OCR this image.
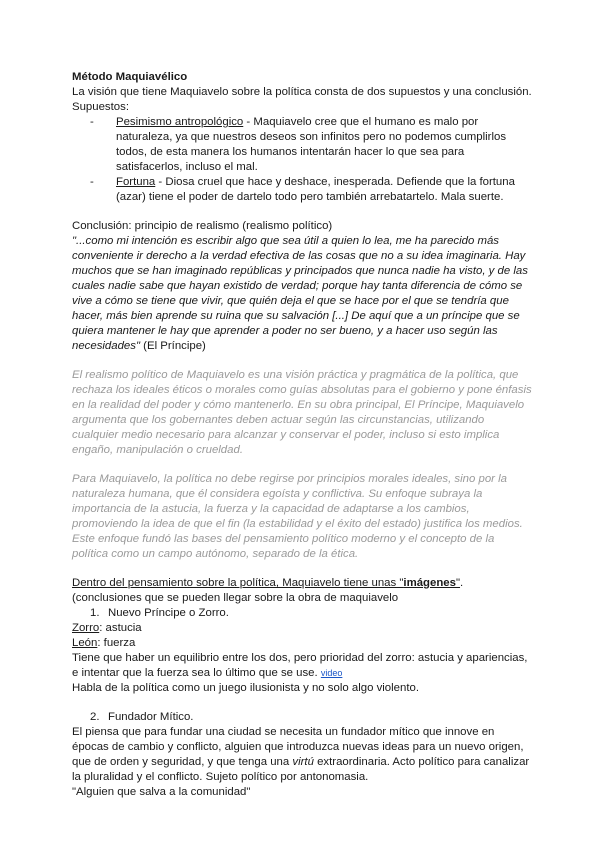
Método Maquiavélico
La visión que tiene Maquiavelo sobre la política consta de dos supuestos y una conclusión.
Supuestos:
- Pesimismo antropológico - Maquiavelo cree que el humano es malo por naturaleza, ya que nuestros deseos son infinitos pero no podemos cumplirlos todos, de esta manera los humanos intentarán hacer lo que sea para satisfacerlos, incluso el mal.
- Fortuna - Diosa cruel que hace y deshace, inesperada. Defiende que la fortuna (azar) tiene el poder de dartelo todo pero también arrebatartelo. Mala suerte.
Conclusión: principio de realismo (realismo político)
"...como mi intención es escribir algo que sea útil a quien lo lea, me ha parecido más conveniente ir derecho a la verdad efectiva de las cosas que no a su idea imaginaria. Hay muchos que se han imaginado repúblicas y principados que nunca nadie ha visto, y de las cuales nadie sabe que hayan existido de verdad; porque hay tanta diferencia de cómo se vive a cómo se tiene que vivir, que quién deja el que se hace por el que se tendría que hacer, más bien aprende su ruina que su salvación [...] De aquí que a un príncipe que se quiera mantener le hay que aprender a poder no ser bueno, y a hacer uso según las necesidades" (El Príncipe)
El realismo político de Maquiavelo es una visión práctica y pragmática de la política, que rechaza los ideales éticos o morales como guías absolutas para el gobierno y pone énfasis en la realidad del poder y cómo mantenerlo. En su obra principal, El Príncipe, Maquiavelo argumenta que los gobernantes deben actuar según las circunstancias, utilizando cualquier medio necesario para alcanzar y conservar el poder, incluso si esto implica engaño, manipulación o crueldad.
Para Maquiavelo, la política no debe regirse por principios morales ideales, sino por la naturaleza humana, que él considera egoísta y conflictiva. Su enfoque subraya la importancia de la astucia, la fuerza y la capacidad de adaptarse a los cambios, promoviendo la idea de que el fin (la estabilidad y el éxito del estado) justifica los medios. Este enfoque fundó las bases del pensamiento político moderno y el concepto de la política como un campo autónomo, separado de la ética.
Dentro del pensamiento sobre la política, Maquiavelo tiene unas "imágenes". (conclusiones que se pueden llegar sobre la obra de maquiavelo
1. Nuevo Príncipe o Zorro.
Zorro: astucia
León: fuerza
Tiene que haber un equilibrio entre los dos, pero prioridad del zorro: astucia y apariencias, e intentar que la fuerza sea lo último que se use. video
Habla de la política como un juego ilusionista y no solo algo violento.
2. Fundador Mítico.
El piensa que para fundar una ciudad se necesita un fundador mítico que innove en épocas de cambio y conflicto, alguien que introduzca nuevas ideas para un nuevo origen, que de orden y seguridad, y que tenga una virtú extraordinaria. Acto político para canalizar la pluralidad y el conflicto. Sujeto político por antonomasia.
"Alguien que salva a la comunidad"
